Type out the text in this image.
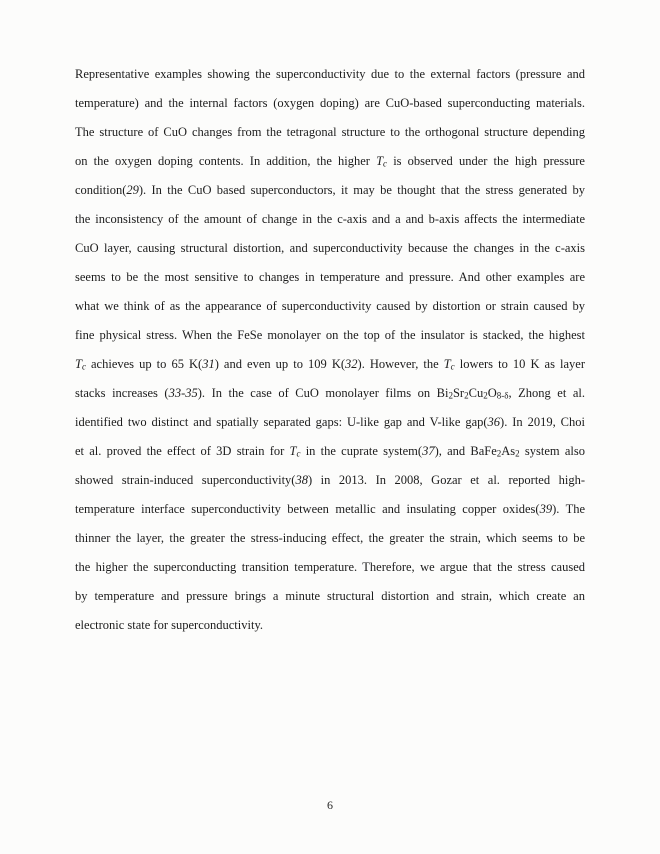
Representative examples showing the superconductivity due to the external factors (pressure and
temperature) and the internal factors (oxygen doping) are CuO-based superconducting materials.
The structure of CuO changes from the tetragonal structure to the orthogonal structure depending
on the oxygen doping contents. In addition, the higher Tc is observed under the high pressure
condition(29). In the CuO based superconductors, it may be thought that the stress generated by
the inconsistency of the amount of change in the c-axis and a and b-axis affects the intermediate
CuO layer, causing structural distortion, and superconductivity because the changes in the c-axis
seems to be the most sensitive to changes in temperature and pressure. And other examples are
what we think of as the appearance of superconductivity caused by distortion or strain caused by
fine physical stress. When the FeSe monolayer on the top of the insulator is stacked, the highest
Tc achieves up to 65 K(31) and even up to 109 K(32). However, the Tc lowers to 10 K as layer
stacks increases (33-35). In the case of CuO monolayer films on Bi2Sr2Cu2O8-δ, Zhong et al.
identified two distinct and spatially separated gaps: U-like gap and V-like gap(36). In 2019, Choi
et al. proved the effect of 3D strain for Tc in the cuprate system(37), and BaFe2As2 system also
showed strain-induced superconductivity(38) in 2013. In 2008, Gozar et al. reported high-
temperature interface superconductivity between metallic and insulating copper oxides(39). The
thinner the layer, the greater the stress-inducing effect, the greater the strain, which seems to be
the higher the superconducting transition temperature. Therefore, we argue that the stress caused
by temperature and pressure brings a minute structural distortion and strain, which create an
electronic state for superconductivity.
6
